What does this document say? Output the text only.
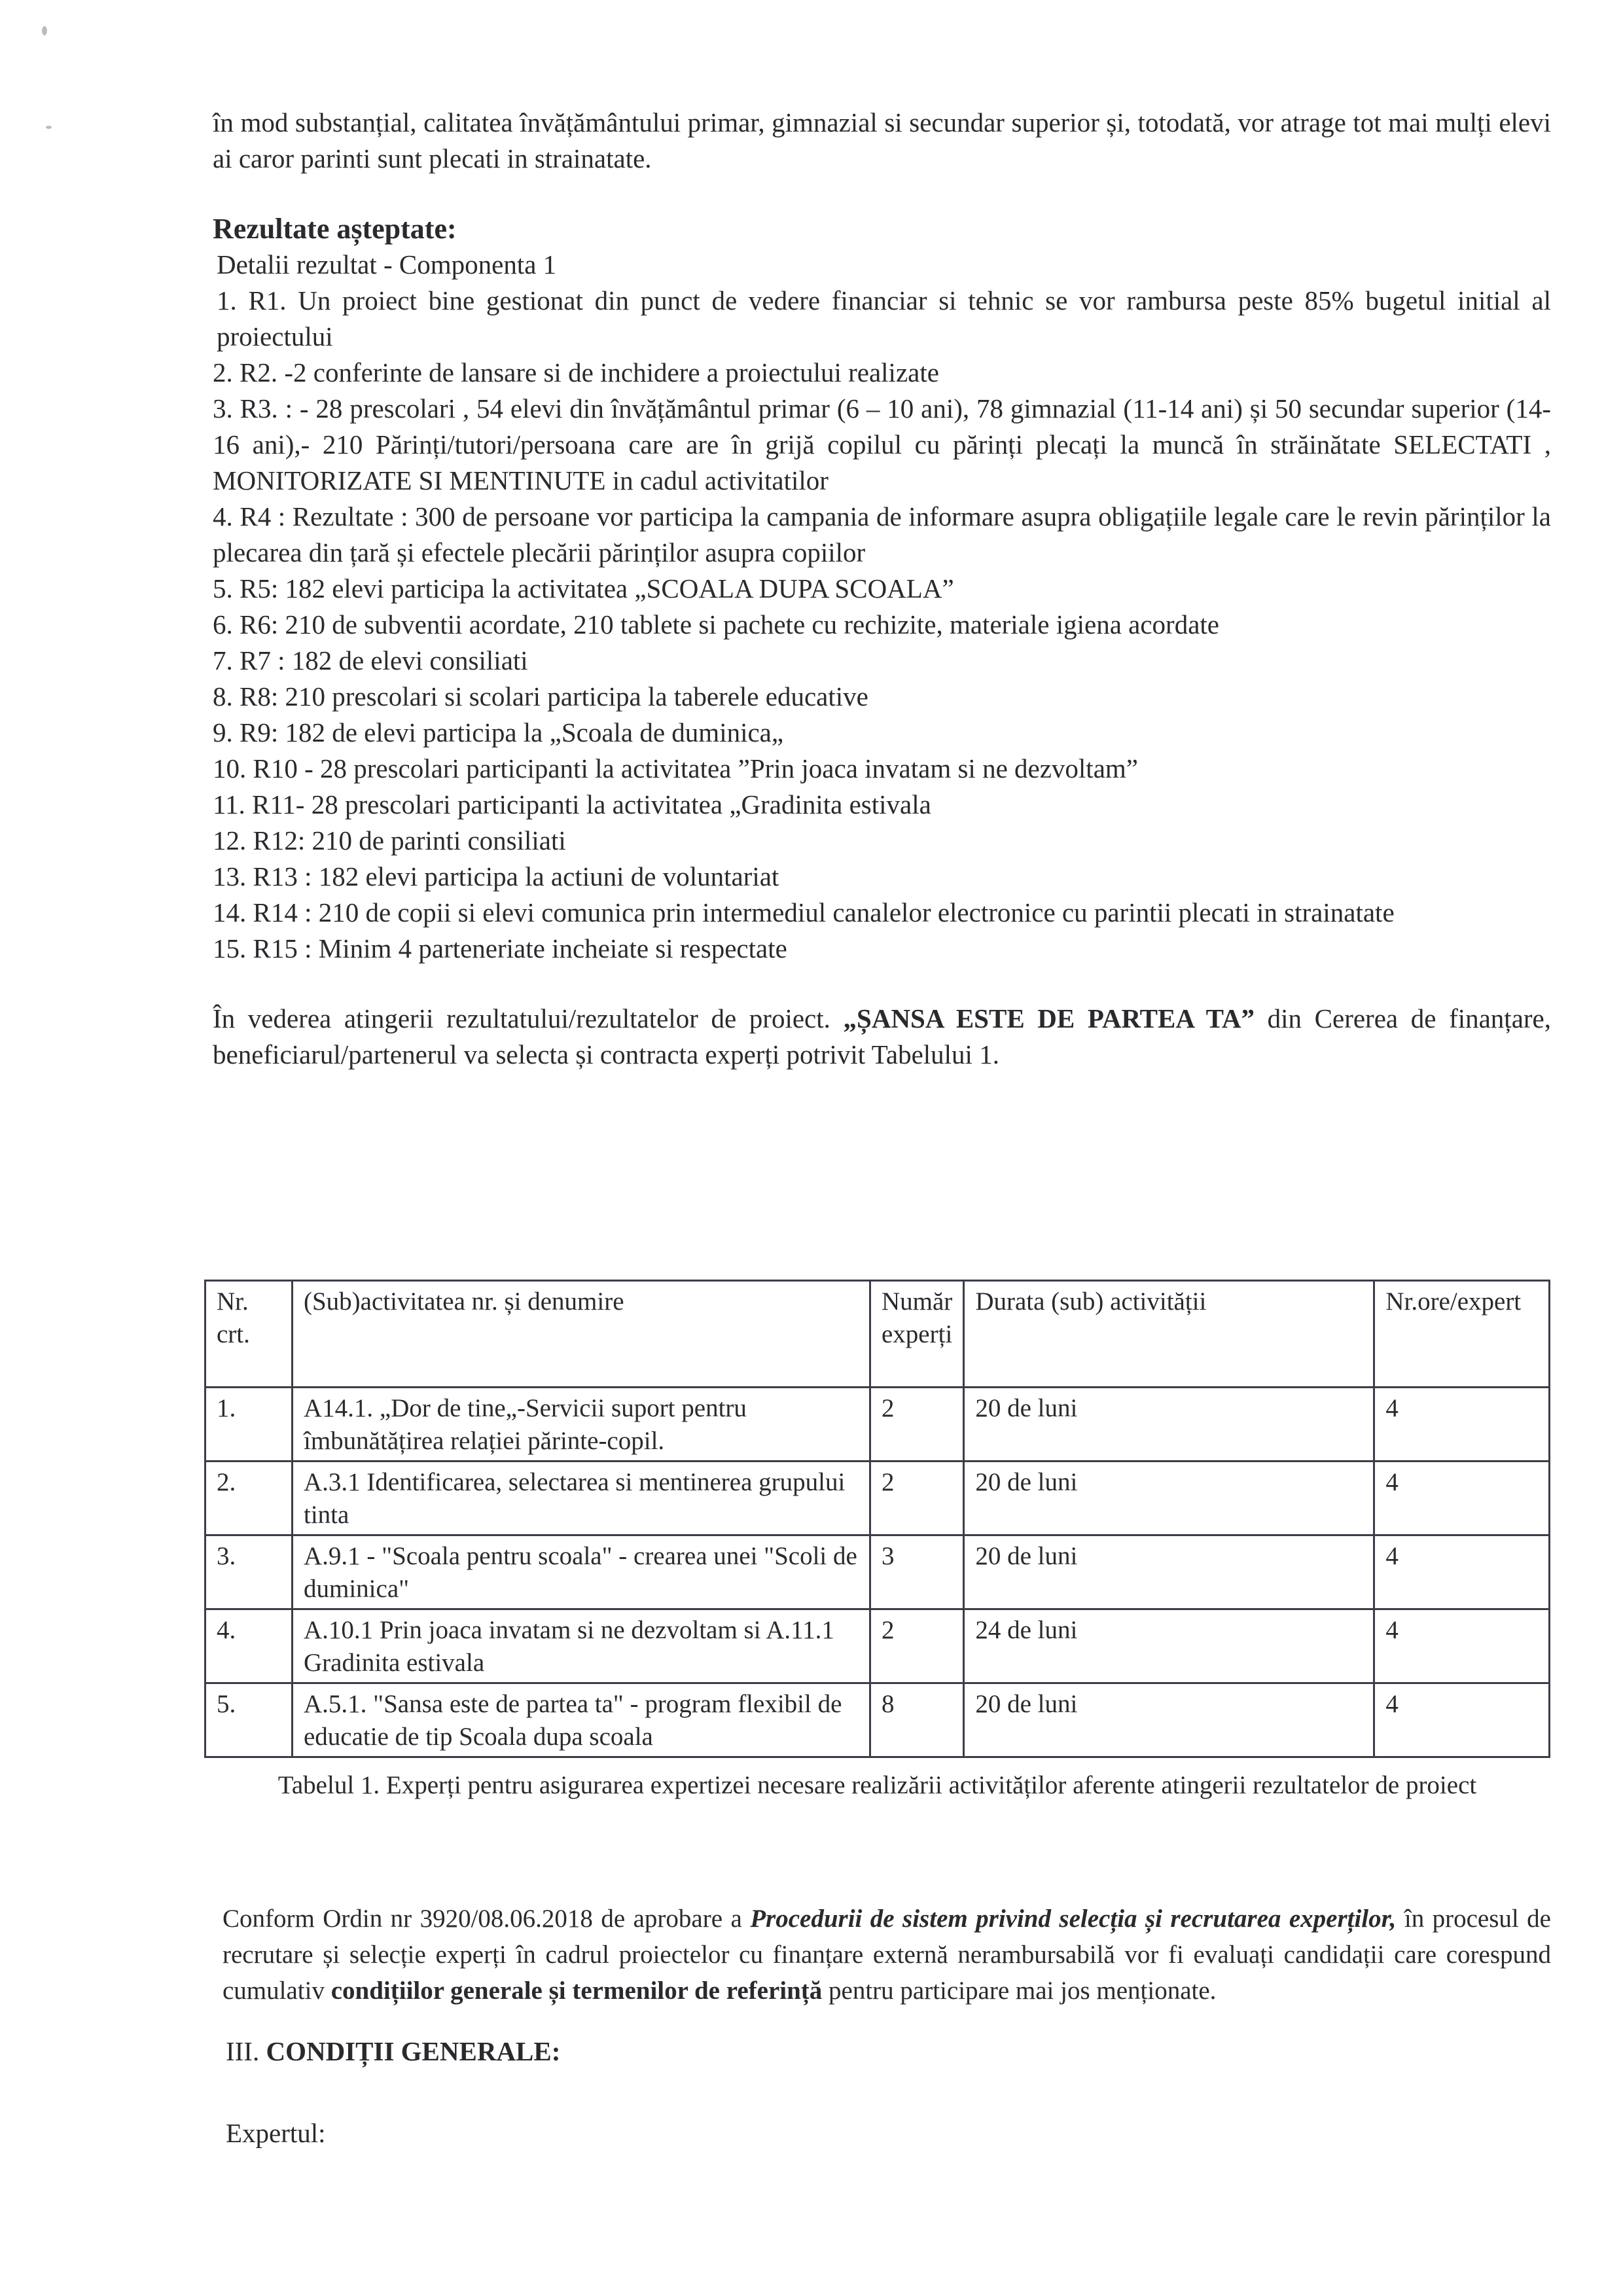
în mod substanțial, calitatea învățământului primar, gimnazial si secundar superior și, totodată, vor atrage tot mai mulți elevi ai caror parinti sunt plecati in strainatate.

Rezultate așteptate:
Detalii rezultat - Componenta 1
1. R1. Un proiect bine gestionat din punct de vedere financiar si tehnic se vor rambursa peste 85% bugetul initial al proiectului
2. R2. -2 conferinte de lansare si de inchidere a proiectului realizate
3. R3. : - 28 prescolari , 54 elevi din învățământul primar (6 – 10 ani), 78 gimnazial (11-14 ani) și 50 secundar superior (14-16 ani),- 210 Părinți/tutori/persoana care are în grijă copilul cu părinți plecați la muncă în străinătate SELECTATI , MONITORIZATE SI MENTINUTE in cadul activitatilor
4. R4 : Rezultate : 300 de persoane vor participa la campania de informare asupra obligațiile legale care le revin părinților la plecarea din țară și efectele plecării părinților asupra copiilor
5. R5: 182 elevi participa la activitatea „SCOALA DUPA SCOALA”
6. R6: 210 de subventii acordate, 210 tablete si pachete cu rechizite, materiale igiena acordate
7. R7 : 182 de elevi consiliati
8. R8: 210 prescolari si scolari participa la taberele educative
9. R9: 182 de elevi participa la „Scoala de duminica„
10. R10 - 28 prescolari participanti la activitatea ”Prin joaca invatam si ne dezvoltam”
11. R11- 28 prescolari participanti la activitatea „Gradinita estivala
12. R12: 210 de parinti consiliati
13. R13 : 182 elevi participa la actiuni de voluntariat
14. R14 : 210 de copii si elevi comunica prin intermediul canalelor electronice cu parintii plecati in strainatate
15. R15 : Minim 4 parteneriate incheiate si respectate

În vederea atingerii rezultatului/rezultatelor de proiect. „ȘANSA ESTE DE PARTEA TA” din Cererea de finanțare, beneficiarul/partenerul va selecta și contracta experți potrivit Tabelului 1.

Nr. crt.	(Sub)activitatea nr. și denumire	Număr experți	Durata (sub) activității	Nr.ore/expert
1.	A14.1. „Dor de tine„-Servicii suport pentru îmbunătățirea relației părinte-copil.	2	20 de luni	4
2.	A.3.1 Identificarea, selectarea si mentinerea grupului tinta	2	20 de luni	4
3.	A.9.1 - "Scoala pentru scoala" - crearea unei "Scoli de duminica"	3	20 de luni	4
4.	A.10.1 Prin joaca invatam si ne dezvoltam si A.11.1 Gradinita estivala	2	24 de luni	4
5.	A.5.1. "Sansa este de partea ta" - program flexibil de educatie de tip Scoala dupa scoala	8	20 de luni	4
Tabelul 1. Experți pentru asigurarea expertizei necesare realizării activităților aferente atingerii rezultatelor de proiect

Conform Ordin nr 3920/08.06.2018 de aprobare a Procedurii de sistem privind selecția și recrutarea experților, în procesul de recrutare și selecție experți în cadrul proiectelor cu finanțare externă nerambursabilă vor fi evaluați candidații care corespund cumulativ condițiilor generale și termenilor de referință pentru participare mai jos menționate.

III. CONDIȚII GENERALE:
Expertul:
